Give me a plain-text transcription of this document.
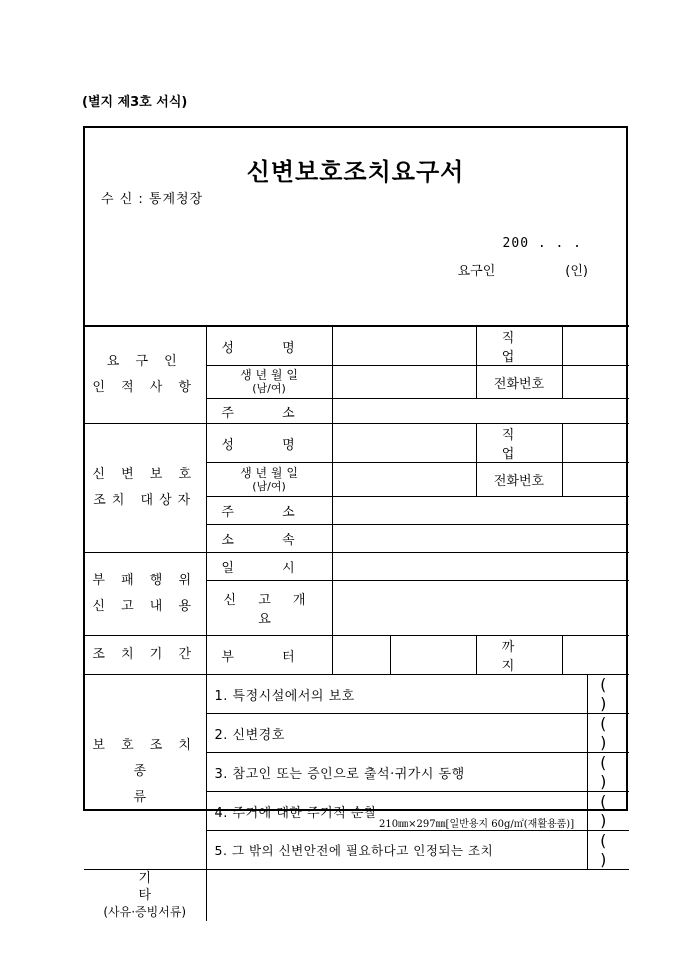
(별지 제3호 서식)
신변보호조치요구서
수 신 : 통계청장
200 . . .
요구인	(인)
요 구 인
인 적 사 항	성 명			직 업		

	생 년 월 일
(남/여)			전화번호		
	주 소					

신 변 보 호
조치 대상자	성 명			직 업		

	생 년 월 일
(남/여)			전화번호		
	주 소					
	소 속					

부 패 행 위
신 고 내 용	일 시					
	신 고 개 요					
조 치 기 간	부 터			까 지		

보 호 조 치
종 류	1. 특정시설에서의 보호					( )
	2. 신변경호					( )
	3. 참고인 또는 증인으로 출석·귀가시 동행					( )
	4. 주거에 대한 주기적 순찰					( )
	5. 그 밖의 신변안전에 필요하다고 인정되는 조치					( )

기 타
(사유·증빙서류)						

210㎜×297㎜[일반용지 60g/㎡(재활용품)]
